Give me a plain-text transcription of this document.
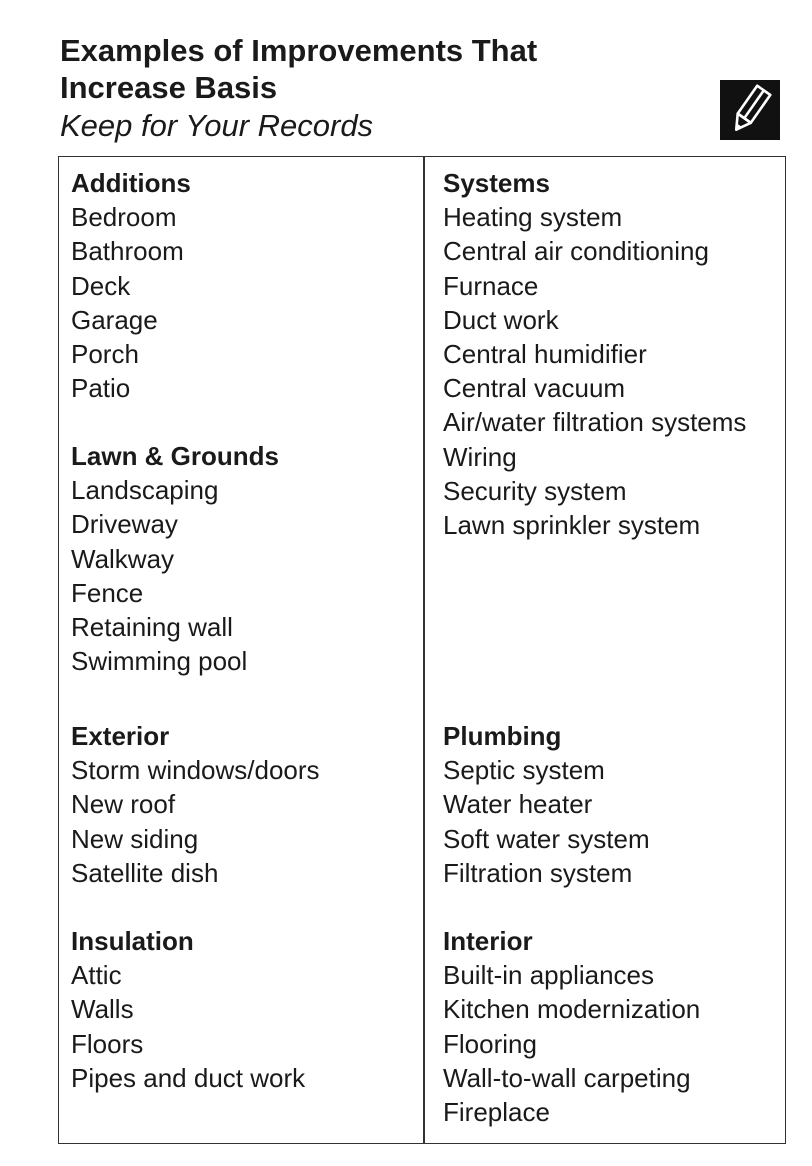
Examples of Improvements That
Increase Basis
Keep for Your Records
Additions
Bedroom
Bathroom
Deck
Garage
Porch
Patio
Lawn & Grounds
Landscaping
Driveway
Walkway
Fence
Retaining wall
Swimming pool
Exterior
Storm windows/doors
New roof
New siding
Satellite dish
Insulation
Attic
Walls
Floors
Pipes and duct work
Systems
Heating system
Central air conditioning
Furnace
Duct work
Central humidifier
Central vacuum
Air/water filtration systems
Wiring
Security system
Lawn sprinkler system
Plumbing
Septic system
Water heater
Soft water system
Filtration system
Interior
Built-in appliances
Kitchen modernization
Flooring
Wall-to-wall carpeting
Fireplace
